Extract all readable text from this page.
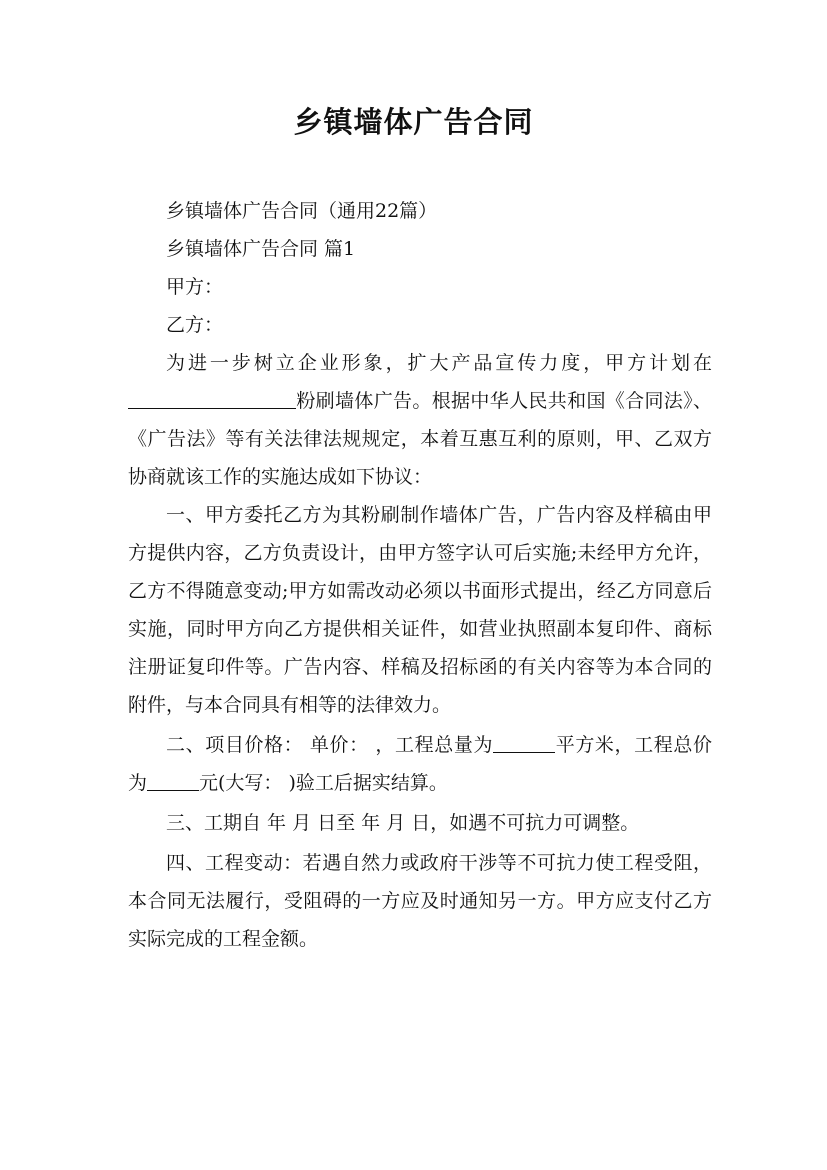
乡镇墙体广告合同

乡镇墙体广告合同（通用22篇）

乡镇墙体广告合同 篇1

甲方：

乙方：

为进一步树立企业形象，扩大产品宣传力度，甲方计划在粉刷墙体广告。根据中华人民共和国《合同法》、《广告法》等有关法律法规规定，本着互惠互利的原则，甲、乙双方协商就该工作的实施达成如下协议：

一、甲方委托乙方为其粉刷制作墙体广告，广告内容及样稿由甲方提供内容，乙方负责设计，由甲方签字认可后实施;未经甲方允许，乙方不得随意变动;甲方如需改动必须以书面形式提出，经乙方同意后实施，同时甲方向乙方提供相关证件，如营业执照副本复印件、商标注册证复印件等。广告内容、样稿及招标函的有关内容等为本合同的附件，与本合同具有相等的法律效力。

二、项目价格： 单价： ，工程总量为	平方米，工程总价为	元(大写： )验工后据实结算。

三、工期自 年 月 日至 年 月 日，如遇不可抗力可调整。

四、工程变动：若遇自然力或政府干涉等不可抗力使工程受阻，本合同无法履行，受阻碍的一方应及时通知另一方。甲方应支付乙方实际完成的工程金额。
